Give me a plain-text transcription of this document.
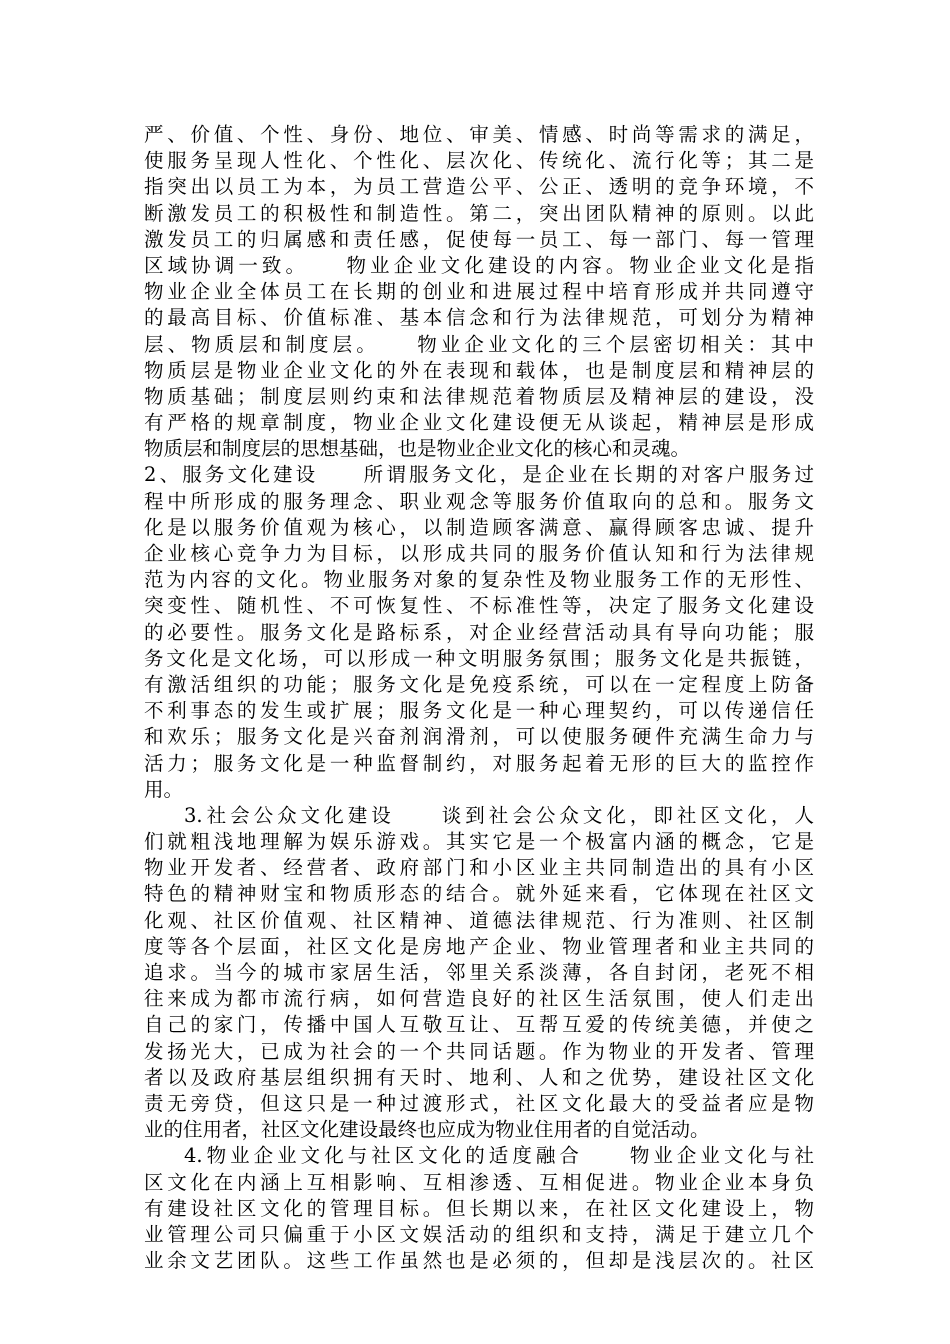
严、价值、个性、身份、地位、审美、情感、时尚等需求的满足，
使服务呈现人性化、个性化、层次化、传统化、流行化等；其二是
指突出以员工为本，为员工营造公平、公正、透明的竞争环境，不
断激发员工的积极性和制造性。第二，突出团队精神的原则。以此
激发员工的归属感和责任感，促使每一员工、每一部门、每一管理
区域协调一致。　　物业企业文化建设的内容。物业企业文化是指
物业企业全体员工在长期的创业和进展过程中培育形成并共同遵守
的最高目标、价值标准、基本信念和行为法律规范，可划分为精神
层、物质层和制度层。　　物业企业文化的三个层密切相关：其中
物质层是物业企业文化的外在表现和载体，也是制度层和精神层的
物质基础；制度层则约束和法律规范着物质层及精神层的建设，没
有严格的规章制度，物业企业文化建设便无从谈起，精神层是形成
物质层和制度层的思想基础，也是物业企业文化的核心和灵魂。
2、服务文化建设　　所谓服务文化，是企业在长期的对客户服务过
程中所形成的服务理念、职业观念等服务价值取向的总和。服务文
化是以服务价值观为核心，以制造顾客满意、赢得顾客忠诚、提升
企业核心竞争力为目标，以形成共同的服务价值认知和行为法律规
范为内容的文化。物业服务对象的复杂性及物业服务工作的无形性、
突变性、随机性、不可恢复性、不标准性等，决定了服务文化建设
的必要性。服务文化是路标系，对企业经营活动具有导向功能；服
务文化是文化场，可以形成一种文明服务氛围；服务文化是共振链，
有激活组织的功能；服务文化是免疫系统，可以在一定程度上防备
不利事态的发生或扩展；服务文化是一种心理契约，可以传递信任
和欢乐；服务文化是兴奋剂润滑剂，可以使服务硬件充满生命力与
活力；服务文化是一种监督制约，对服务起着无形的巨大的监控作
用。
3.社会公众文化建设　　谈到社会公众文化，即社区文化，人
们就粗浅地理解为娱乐游戏。其实它是一个极富内涵的概念，它是
物业开发者、经营者、政府部门和小区业主共同制造出的具有小区
特色的精神财宝和物质形态的结合。就外延来看，它体现在社区文
化观、社区价值观、社区精神、道德法律规范、行为准则、社区制
度等各个层面，社区文化是房地产企业、物业管理者和业主共同的
追求。当今的城市家居生活，邻里关系淡薄，各自封闭，老死不相
往来成为都市流行病，如何营造良好的社区生活氛围，使人们走出
自己的家门，传播中国人互敬互让、互帮互爱的传统美德，并使之
发扬光大，已成为社会的一个共同话题。作为物业的开发者、管理
者以及政府基层组织拥有天时、地利、人和之优势，建设社区文化
责无旁贷，但这只是一种过渡形式，社区文化最大的受益者应是物
业的住用者，社区文化建设最终也应成为物业住用者的自觉活动。
4.物业企业文化与社区文化的适度融合　　物业企业文化与社
区文化在内涵上互相影响、互相渗透、互相促进。物业企业本身负
有建设社区文化的管理目标。但长期以来，在社区文化建设上，物
业管理公司只偏重于小区文娱活动的组织和支持，满足于建立几个
业余文艺团队。这些工作虽然也是必须的，但却是浅层次的。社区
